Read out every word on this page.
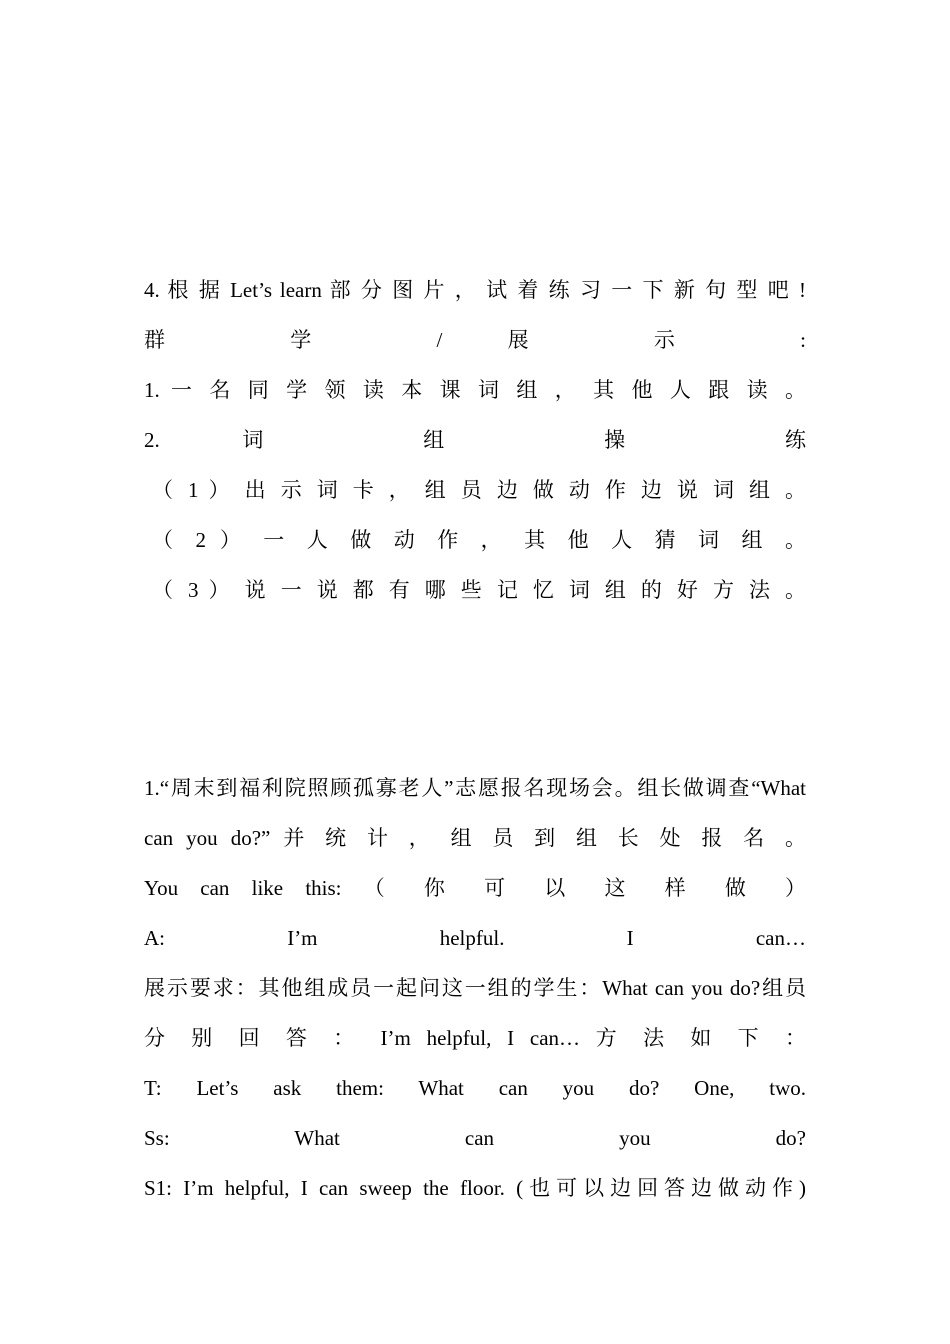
4. 根 据 Let’s learn 部 分 图 片 ， 试 着 练 习 一 下 新 句 型 吧 !
群 学 / 展 示 :
1. 一 名 同 学 领 读 本 课 词 组 ， 其 他 人 跟 读 。
2. 词 组 操 练
（ 1 ） 出 示 词 卡 ， 组 员 边 做 动 作 边 说 词 组 。
（ 2 ） 一 人 做 动 作 ， 其 他 人 猜 词 组 。
（ 3 ） 说 一 说 都 有 哪 些 记 忆 词 组 的 好 方 法 。
1.“周末到福利院照顾孤寡老人”志愿报名现场会。组长做调查“What
can you do?” 并 统 计 ， 组 员 到 组 长 处 报 名 。
You can like this: （ 你 可 以 这 样 做 ）
A: I’m helpful. I can…
展示要求：其他组成员一起问这一组的学生：What can you do?组员
分 别 回 答 ： I’m helpful, I can… 方 法 如 下 ：
T: Let’s ask them: What can you do? One, two.
Ss: What can you do?
S1: I’m helpful, I can sweep the floor. (也可以边回答边做动作)
